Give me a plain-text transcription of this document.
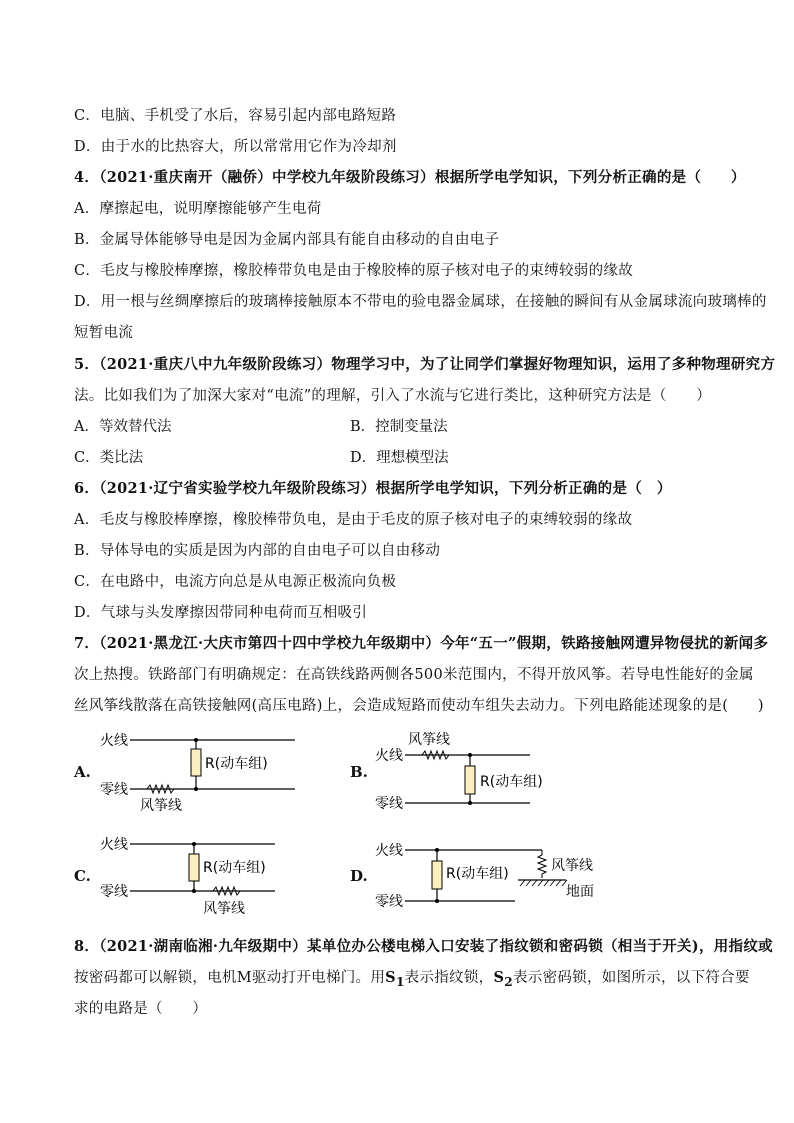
C．电脑、手机受了水后，容易引起内部电路短路
D．由于水的比热容大，所以常常用它作为冷却剂
4．（2021·重庆南开（融侨）中学校九年级阶段练习）根据所学电学知识，下列分析正确的是（　　）
A．摩擦起电，说明摩擦能够产生电荷
B．金属导体能够导电是因为金属内部具有能自由移动的自由电子
C．毛皮与橡胶棒摩擦，橡胶棒带负电是由于橡胶棒的原子核对电子的束缚较弱的缘故
D．用一根与丝绸摩擦后的玻璃棒接触原本不带电的验电器金属球，在接触的瞬间有从金属球流向玻璃棒的
短暂电流
5．（2021·重庆八中九年级阶段练习）物理学习中，为了让同学们掌握好物理知识，运用了多种物理研究方
法。比如我们为了加深大家对“电流”的理解，引入了水流与它进行类比，这种研究方法是（　　）
A．等效替代法	B．控制变量法
C．类比法	D．理想模型法
6．（2021·辽宁省实验学校九年级阶段练习）根据所学电学知识，下列分析正确的是（　）
A．毛皮与橡胶棒摩擦，橡胶棒带负电，是由于毛皮的原子核对电子的束缚较弱的缘故
B．导体导电的实质是因为内部的自由电子可以自由移动
C．在电路中，电流方向总是从电源正极流向负极
D．气球与头发摩擦因带同种电荷而互相吸引
7．（2021·黑龙江·大庆市第四十四中学校九年级期中）今年“五一”假期，铁路接触网遭异物侵扰的新闻多
次上热搜。铁路部门有明确规定：在高铁线路两侧各500米范围内，不得开放风筝。若导电性能好的金属
丝风筝线散落在高铁接触网(高压电路)上，会造成短路而使动车组失去动力。下列电路能述现象的是(　　)
A.	B.
C.	D.
火线
零线
R(动车组)
风筝线
风筝线
火线
零线
R(动车组)
火线
零线
R(动车组)
风筝线
火线
零线
R(动车组)	风筝线
地面
8．（2021·湖南临湘·九年级期中）某单位办公楼电梯入口安装了指纹锁和密码锁（相当于开关)，用指纹或
按密码都可以解锁，电机M驱动打开电梯门。用$S_1$表示指纹锁，$S_2$表示密码锁，如图所示，以下符合要
求的电路是（　　）
